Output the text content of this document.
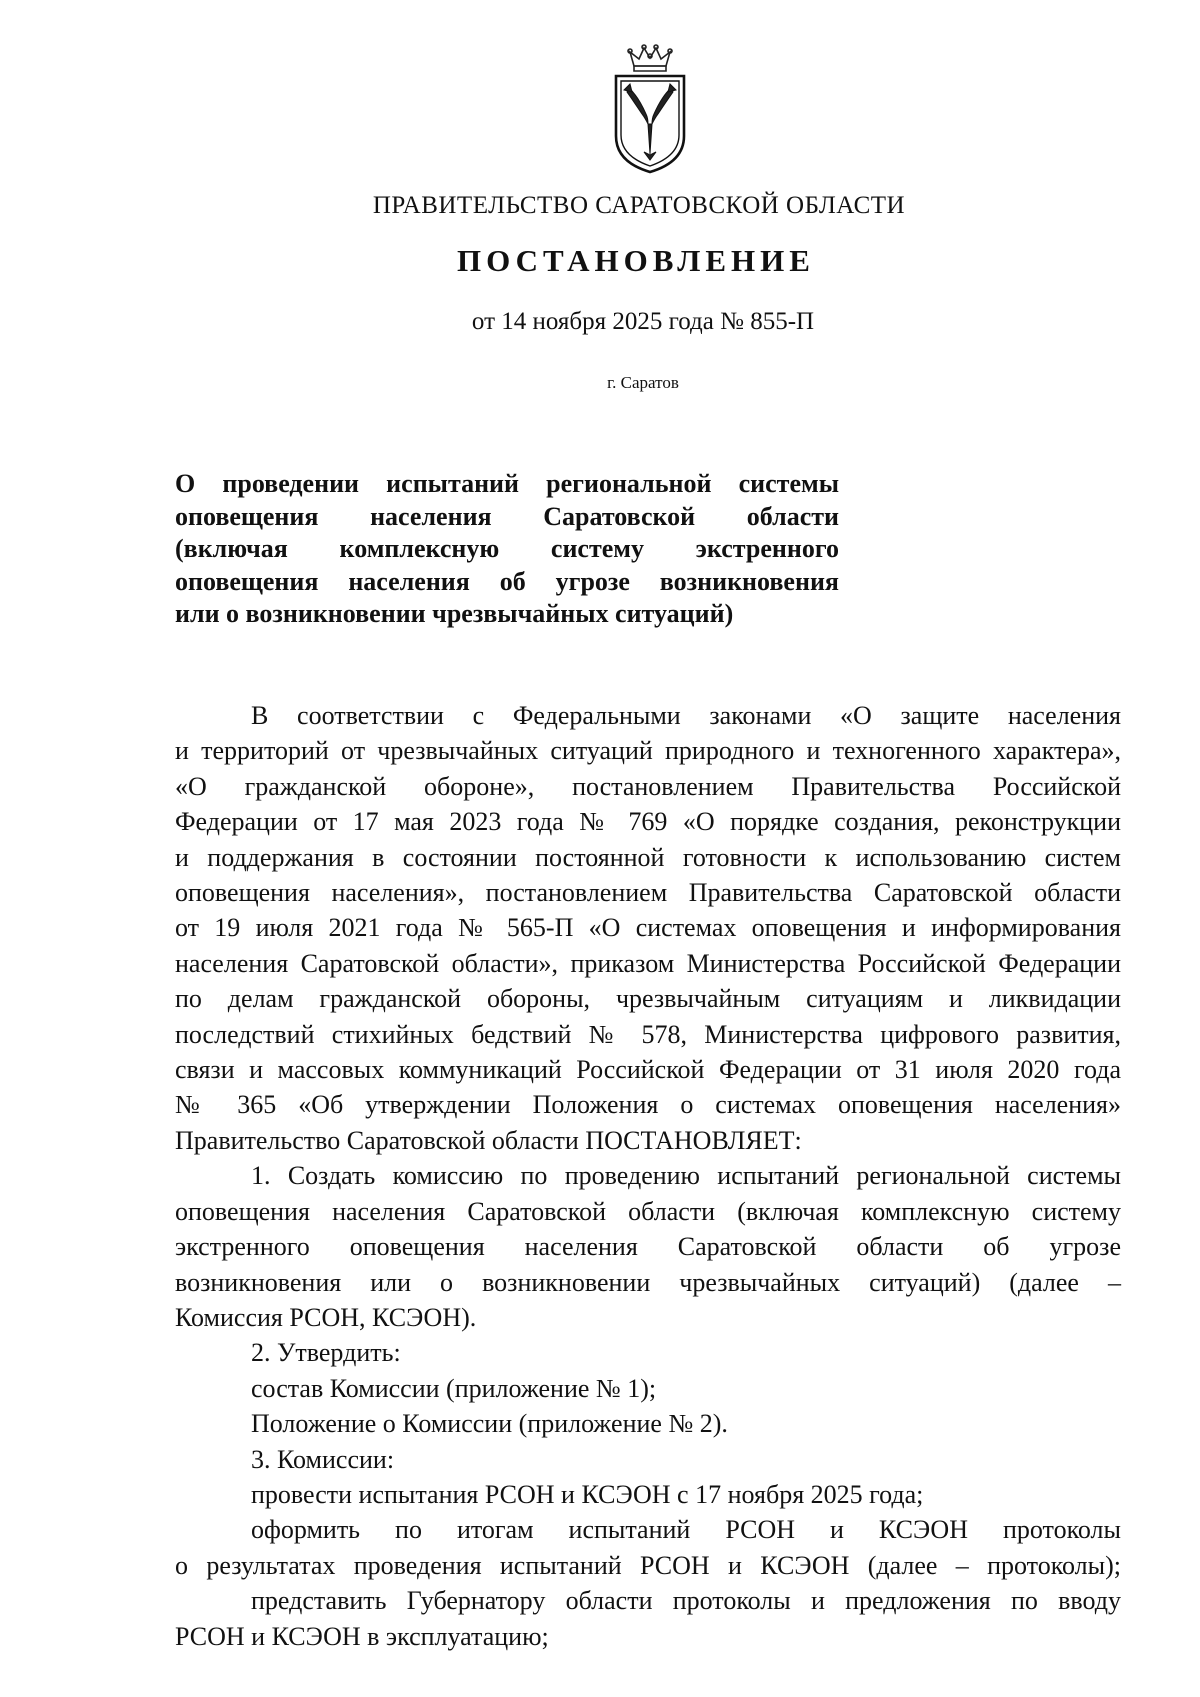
ПРАВИТЕЛЬСТВО САРАТОВСКОЙ ОБЛАСТИ
ПОСТАНОВЛЕНИЕ
от 14 ноября 2025 года № 855-П
г. Саратов
О проведении испытаний региональной системы
оповещения населения Саратовской области
(включая комплексную систему экстренного
оповещения населения об угрозе возникновения
или о возникновении чрезвычайных ситуаций)
В соответствии с Федеральными законами «О защите населения
и территорий от чрезвычайных ситуаций природного и техногенного характера»,
«О гражданской обороне», постановлением Правительства Российской
Федерации от 17 мая 2023 года № 769 «О порядке создания, реконструкции
и поддержания в состоянии постоянной готовности к использованию систем
оповещения населения», постановлением Правительства Саратовской области
от 19 июля 2021 года № 565-П «О системах оповещения и информирования
населения Саратовской области», приказом Министерства Российской Федерации
по делам гражданской обороны, чрезвычайным ситуациям и ликвидации
последствий стихийных бедствий № 578, Министерства цифрового развития,
связи и массовых коммуникаций Российской Федерации от 31 июля 2020 года
№ 365 «Об утверждении Положения о системах оповещения населения»
Правительство Саратовской области ПОСТАНОВЛЯЕТ:
1. Создать комиссию по проведению испытаний региональной системы
оповещения населения Саратовской области (включая комплексную систему
экстренного оповещения населения Саратовской области об угрозе
возникновения или о возникновении чрезвычайных ситуаций) (далее –
Комиссия РСОН, КСЭОН).
2. Утвердить:
состав Комиссии (приложение № 1);
Положение о Комиссии (приложение № 2).
3. Комиссии:
провести испытания РСОН и КСЭОН с 17 ноября 2025 года;
оформить по итогам испытаний РСОН и КСЭОН протоколы
о результатах проведения испытаний РСОН и КСЭОН (далее – протоколы);
представить Губернатору области протоколы и предложения по вводу
РСОН и КСЭОН в эксплуатацию;
